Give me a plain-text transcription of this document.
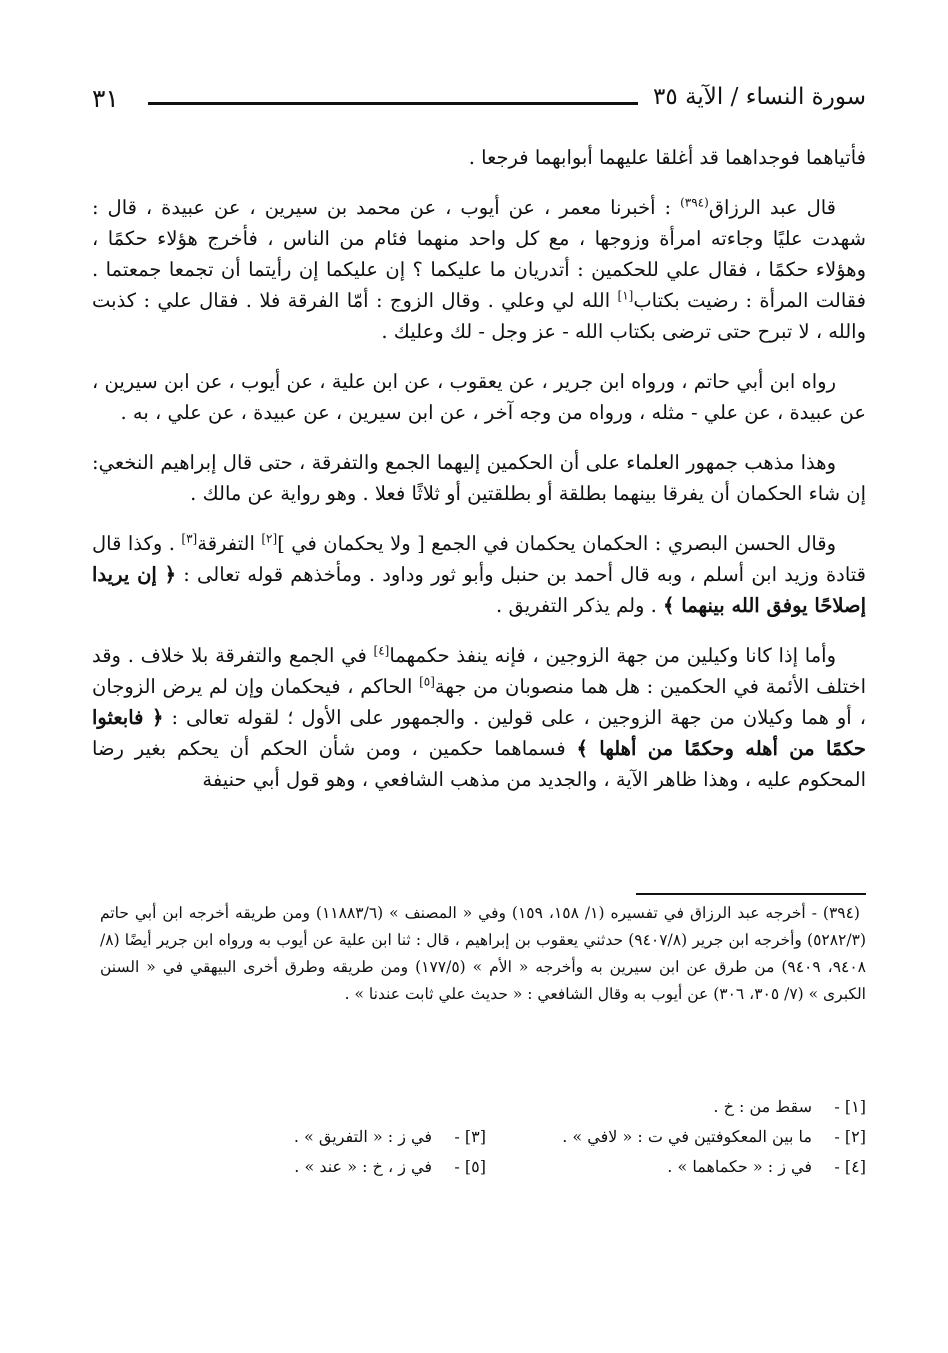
٣١	سورة النساء / الآية ٣٥

فأتياهما فوجداهما قد أغلقا عليهما أبوابهما فرجعا .

قال عبد الرزاق$^{(٣٩٤)}$ : أخبرنا معمر ، عن أيوب ، عن محمد بن سيرين ، عن عبيدة ، قال : شهدت عليًا وجاءته امرأة وزوجها ، مع كل واحد منهما فئام من الناس ، فأخرج هؤلاء حكمًا ، وهؤلاء حكمًا ، فقال علي للحكمين : أتدريان ما عليكما ؟ إن عليكما إن رأيتما أن تجمعا جمعتما . فقالت المرأة : رضيت بكتاب[١] الله لي وعلي . وقال الزوج : أمّا الفرقة فلا . فقال علي : كذبت والله ، لا تبرح حتى ترضى بكتاب الله - عز وجل - لك وعليك .

رواه ابن أبي حاتم ، ورواه ابن جرير ، عن يعقوب ، عن ابن علية ، عن أيوب ، عن ابن سيرين ، عن عبيدة ، عن علي - مثله ، ورواه من وجه آخر ، عن ابن سيرين ، عن عبيدة ، عن علي ، به .

وهذا مذهب جمهور العلماء على أن الحكمين إليهما الجمع والتفرقة ، حتى قال إبراهيم النخعي: إن شاء الحكمان أن يفرقا بينهما بطلقة أو بطلقتين أو ثلاثًا فعلا . وهو رواية عن مالك .

وقال الحسن البصري : الحكمان يحكمان في الجمع [ ولا يحكمان في ][٢] التفرقة[٣] . وكذا قال قتادة وزيد ابن أسلم ، وبه قال أحمد بن حنبل وأبو ثور وداود . ومأخذهم قوله تعالى : ﴿ إن يريدا إصلاحًا يوفق الله بينهما ﴾ . ولم يذكر التفريق .

وأما إذا كانا وكيلين من جهة الزوجين ، فإنه ينفذ حكمهما[٤] في الجمع والتفرقة بلا خلاف . وقد اختلف الأئمة في الحكمين : هل هما منصوبان من جهة[٥] الحاكم ، فيحكمان وإن لم يرض الزوجان ، أو هما وكيلان من جهة الزوجين ، على قولين . والجمهور على الأول ؛ لقوله تعالى : ﴿ فابعثوا حكمًا من أهله وحكمًا من أهلها ﴾ فسماهما حكمين ، ومن شأن الحكم أن يحكم بغير رضا المحكوم عليه ، وهذا ظاهر الآية ، والجديد من مذهب الشافعي ، وهو قول أبي حنيفة

(٣٩٤) - أخرجه عبد الرزاق في تفسيره (١/ ١٥٨، ١٥٩) وفي « المصنف » (١١٨٨٣/٦) ومن طريقه أخرجه ابن أبي حاتم (٥٢٨٢/٣) وأخرجه ابن جرير (٩٤٠٧/٨) حدثني يعقوب بن إبراهيم ، قال : ثنا ابن علية عن أيوب به ورواه ابن جرير أيضًا (٨/ ٩٤٠٨، ٩٤٠٩) من طرق عن ابن سيرين به وأخرجه « الأم » (١٧٧/٥) ومن طريقه وطرق أخرى البيهقي في « السنن الكبرى » (٧/ ٣٠٥، ٣٠٦) عن أيوب به وقال الشافعي : « حديث علي ثابت عندنا » .

[١] -سقط من : خ .
[٢] -ما بين المعكوفتين في ت : « لافي » .[٣] -في ز : « التفريق » .
[٤] -في ز : « حكماهما » .[٥] -في ز ، خ : « عند » .
